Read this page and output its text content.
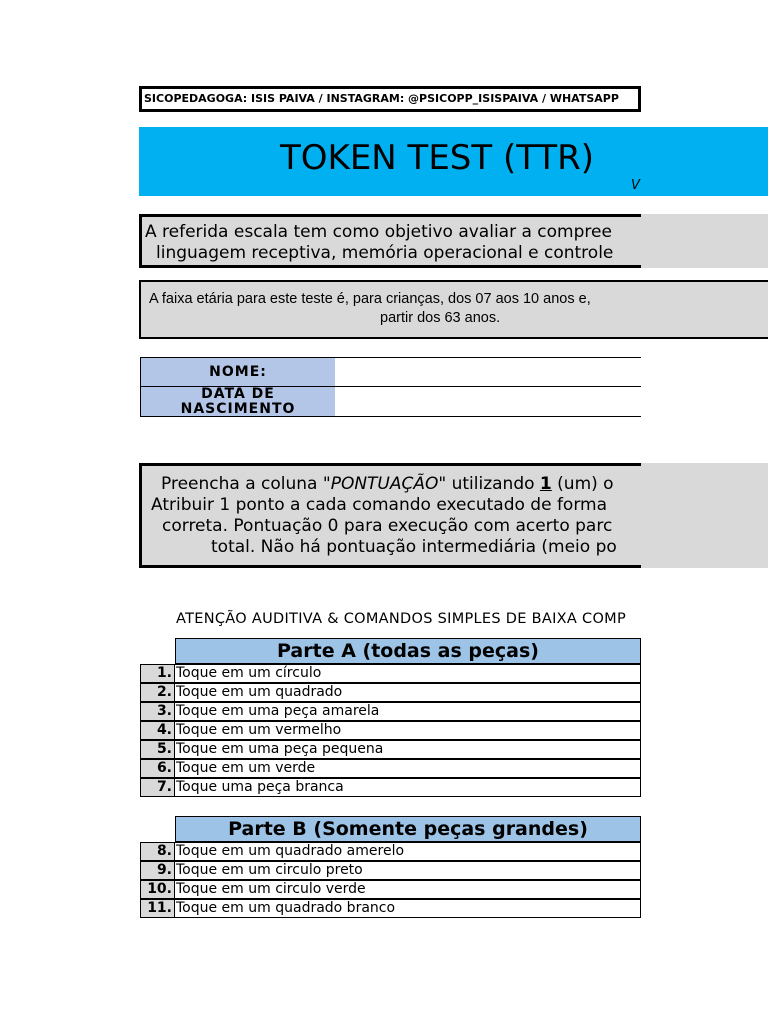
SICOPEDAGOGA: ISIS PAIVA / INSTAGRAM: @PSICOPP_ISISPAIVA / WHATSAPP
TOKEN TEST (TTR)
V
A referida escala tem como objetivo avaliar a compree
linguagem receptiva, memória operacional e controle
A faixa etária para este teste é, para crianças, dos 07 aos 10 anos e,
partir dos 63 anos.
NOME:
DATA DE
NASCIMENTO
Preencha a coluna "PONTUAÇÃO" utilizando 1 (um) o
Atribuir 1 ponto a cada comando executado de forma
correta. Pontuação 0 para execução com acerto parc
total. Não há pontuação intermediária (meio po
ATENÇÃO AUDITIVA & COMANDOS SIMPLES DE BAIXA COMP
Parte A (todas as peças)
1. Toque em um círculo
2. Toque em um quadrado
3. Toque em uma peça amarela
4. Toque em um vermelho
5. Toque em uma peça pequena
6. Toque em um verde
7. Toque uma peça branca
Parte B (Somente peças grandes)
8. Toque em um quadrado amerelo
9. Toque em um circulo preto
10. Toque em um circulo verde
11. Toque em um quadrado branco
